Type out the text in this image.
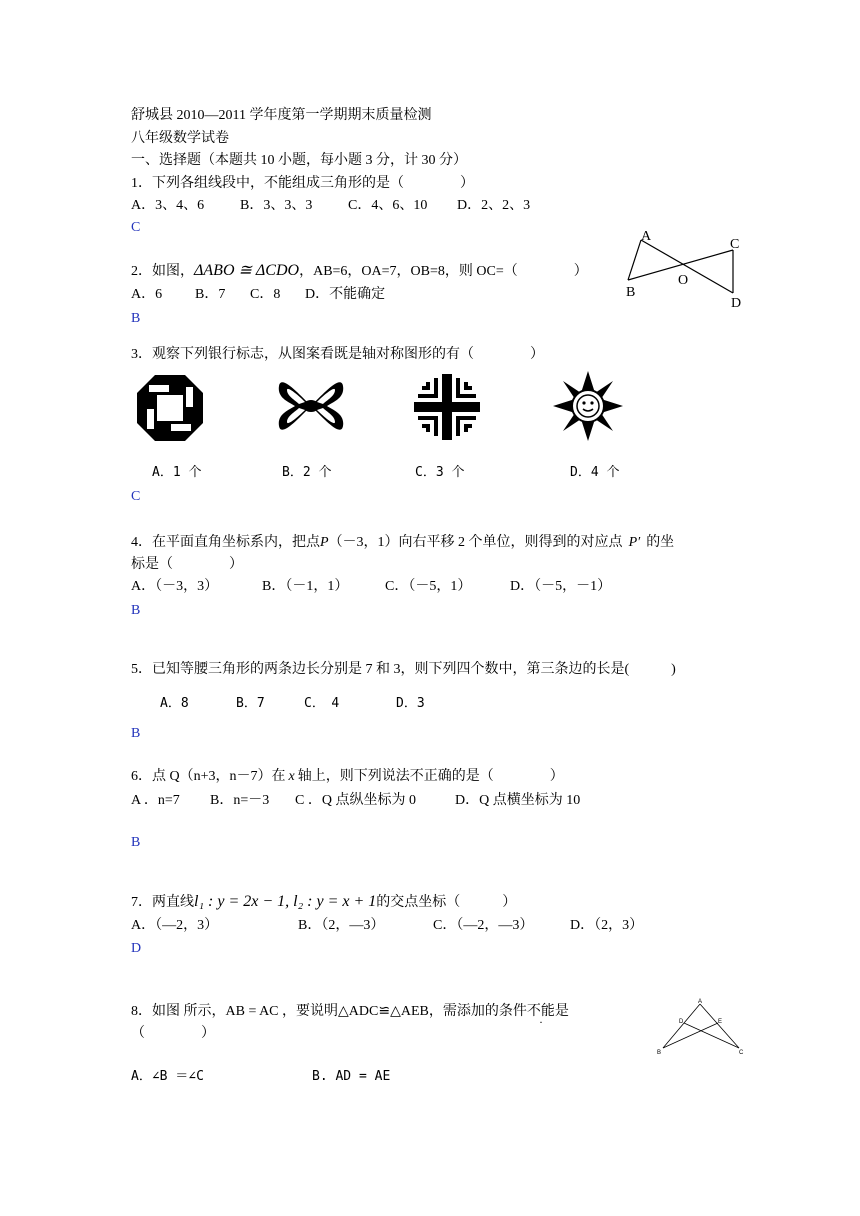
舒城县 2010—2011 学年度第一学期期末质量检测
八年级数学试卷
一、选择题（本题共 10 小题，每小题 3 分，计 30 分）
1．下列各组线段中，不能组成三角形的是（　　　　）
A．3、4、6	B．3、3、3	C．4、6、10 D．2、2、3
C
A
B
C
D
O
2．如图，ΔABO ≅ ΔCDO，AB=6，OA=7，OB=8，则 OC=（　　　　）
A．6 B．7 C．8 D．不能确定
B
3．观察下列银行标志，从图案看既是轴对称图形的有（　　　　）
A．1 个	B．2 个	C．3 个	D．4 个
C
4．在平面直角坐标系内，把点P（－3，1）向右平移 2 个单位，则得到的对应点 P′ 的坐
标是（　　　　）
A．（－3，3）	B．（－1，1）	C．（－5，1）	D．（－5，－1）
B
5．已知等腰三角形的两条边长分别是 7 和 3，则下列四个数中，第三条边的长是(　　　)
A．8	B．7	C．　4	D．3
B
6．点 Q（n+3，n－7）在 x 轴上，则下列说法不正确的是（　　　　）
A ．n=7 B．n=－3 C ．Q 点纵坐标为 0	D．Q 点横坐标为 10
B
7．两直线l₁ : y = 2x − 1, l₂ : y = x + 1的交点坐标（　　　）
A．（—2，3）	B．（2，—3）	C．（—2，—3）	D．（2，3）
D
A
B	C
D	E
8．如图 所示，AB = AC ，要说明△ADC≌△AEB，需添加的条件不能是
（　　　　）
A．∠B ＝∠C	B. AD = AE
